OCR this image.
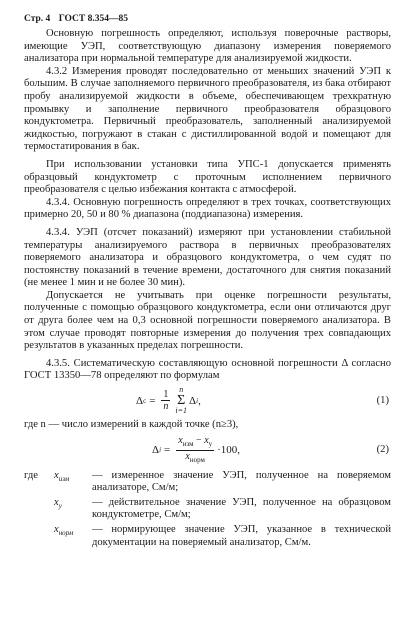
Стр. 4 ГОСТ 8.354—85

Основную погрешность определяют, используя поверочные растворы, имеющие УЭП, соответствующую диапазону измерения поверяемого анализатора при нормальной температуре для анализируемой жидкости.

4.3.2 Измерения проводят последовательно от меньших значений УЭП к большим. В случае заполняемого первичного преобразователя, из бака отбирают пробу анализируемой жидкости в объеме, обеспечивающем трехкратную промывку и заполнение первичного преобразователя образцового кондуктометра. Первичный преобразователь, заполненный анализируемой жидкостью, погружают в стакан с дистиллированной водой и помещают для термостатирования в бак.

При использовании установки типа УПС-1 допускается применять образцовый кондуктометр с проточным исполнением первичного преобразователя с целью избежания контакта с атмосферой.

4.3.4. Основную погрешность определяют в трех точках, соответствующих примерно 20, 50 и 80 % диапазона (поддиапазона) измерения.

4.3.4. УЭП (отсчет показаний) измеряют при установлении стабильной температуры анализируемого раствора в первичных преобразователях поверяемого анализатора и образцового кондуктометра, о чем судят по постоянству показаний в течение времени, достаточного для снятия показаний (не менее 1 мин и не более 30 мин).

Допускается не учитывать при оценке погрешности результаты, полученные с помощью образцового кондуктометра, если они отличаются друг от друга более чем на 0,3 основной погрешности поверяемого анализатора. В этом случае проводят повторные измерения до получения трех совпадающих результатов в указанных пределах погрешности.

4.3.5. Систематическую составляющую основной погрешности Δ согласно ГОСТ 13350—78 определяют по формулам

Δ $c = \frac{1}{n}$ n
Σ
i=1
Δ i ,	(1)

где n — число измерений в каждой точке (n≥3),

Δ $i = \frac{x_{изм} - x_у}{x_{норм}} \cdot 100$,	(2)
где	$x_{изм}$	— измеренное значение УЭП, полученное на поверяемом анализаторе, См/м;
$x_у$	— действительное значение УЭП, полученное на образцовом кондуктометре, См/м;
$x_{норм}$	— нормирующее значение УЭП, указанное в технической документации на поверяемый анализатор, См/м.
